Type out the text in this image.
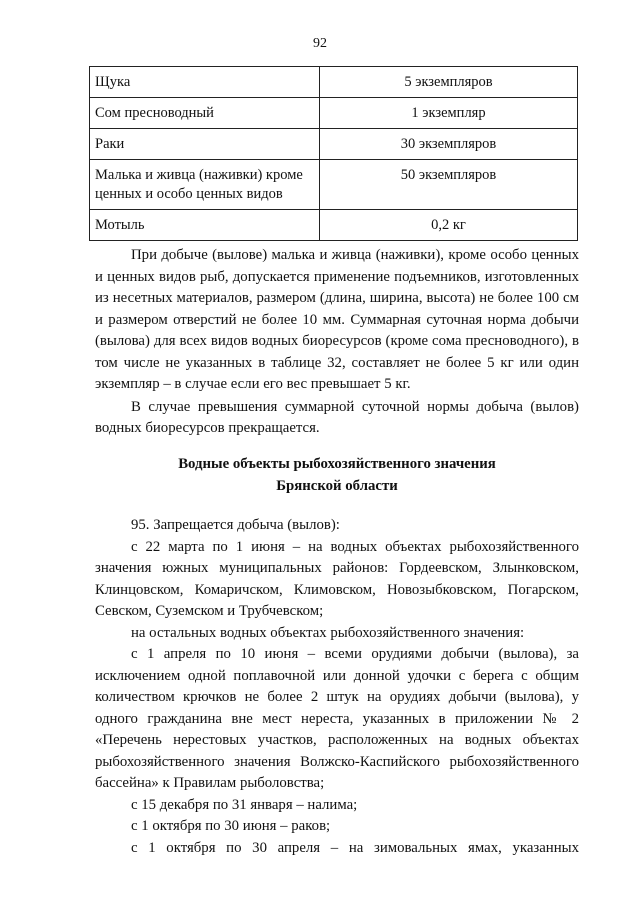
92
Щука	5 экземпляров
Сом пресноводный	1 экземпляр
Раки	30 экземпляров
Малька и живца (наживки) кроме ценных и особо ценных видов	50 экземпляров
Мотыль	0,2 кг

При добыче (вылове) малька и живца (наживки), кроме особо ценных и ценных видов рыб, допускается применение подъемников, изготовленных из несетных материалов, размером (длина, ширина, высота) не более 100 см и размером отверстий не более 10 мм. Суммарная суточная норма добычи (вылова) для всех видов водных биоресурсов (кроме сома пресноводного), в том числе не указанных в таблице 32, составляет не более 5 кг или один экземпляр – в случае если его вес превышает 5 кг.

В случае превышения суммарной суточной нормы добыча (вылов) водных биоресурсов прекращается.

Водные объекты рыбохозяйственного значения
Брянской области

95. Запрещается добыча (вылов):

с 22 марта по 1 июня – на водных объектах рыбохозяйственного значения южных муниципальных районов: Гордеевском, Злынковском, Клинцовском, Комаричском, Климовском, Новозыбковском, Погарском, Севском, Суземском и Трубчевском;

на остальных водных объектах рыбохозяйственного значения:

с 1 апреля по 10 июня – всеми орудиями добычи (вылова), за исключением одной поплавочной или донной удочки с берега с общим количеством крючков не более 2 штук на орудиях добычи (вылова), у одного гражданина вне мест нереста, указанных в приложении № 2 «Перечень нерестовых участков, расположенных на водных объектах рыбохозяйственного значения Волжско-Каспийского рыбохозяйственного бассейна» к Правилам рыболовства;

с 15 декабря по 31 января – налима;

с 1 октября по 30 июня – раков;

с 1 октября по 30 апреля – на зимовальных ямах, указанных
